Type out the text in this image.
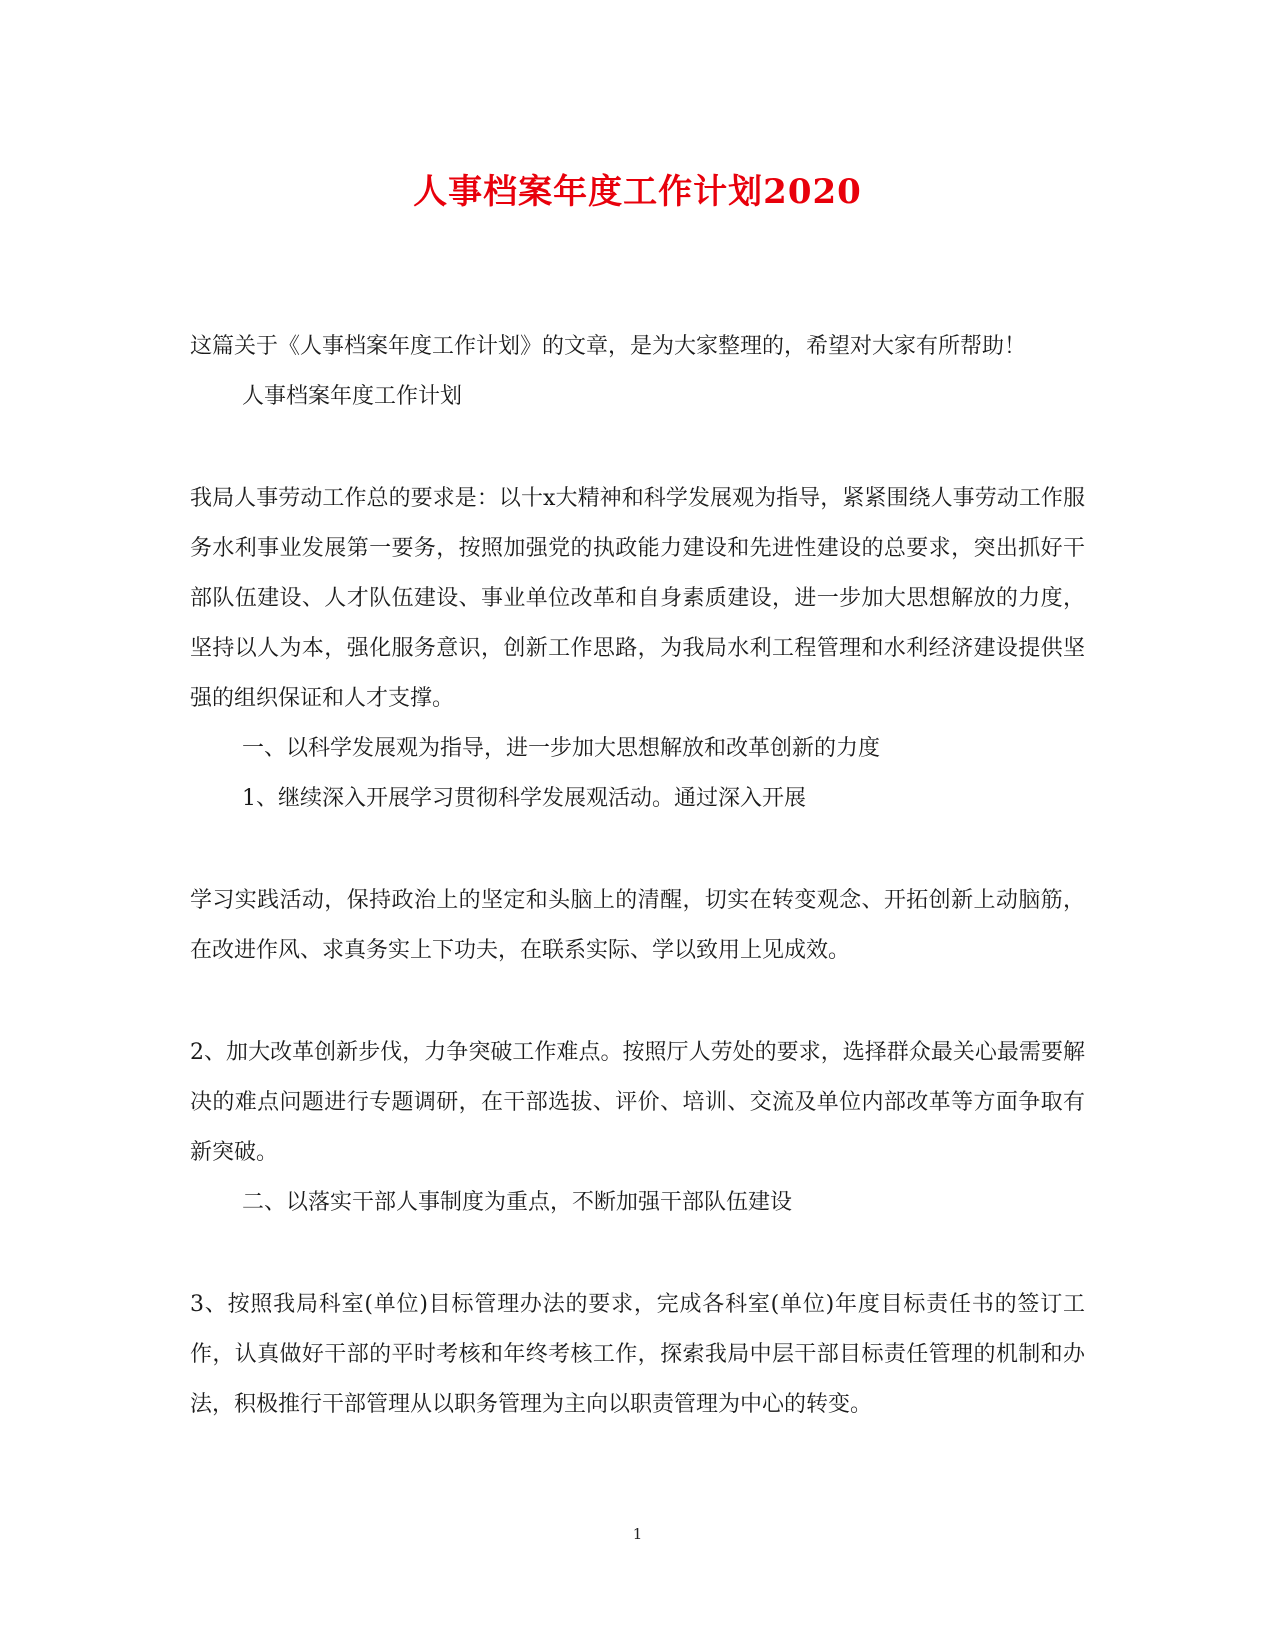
人事档案年度工作计划2020

这篇关于《人事档案年度工作计划》的文章，是为大家整理的，希望对大家有所帮助！

人事档案年度工作计划

我局人事劳动工作总的要求是：以十x大精神和科学发展观为指导，紧紧围绕人事劳动工作服务水利事业发展第一要务，按照加强党的执政能力建设和先进性建设的总要求，突出抓好干部队伍建设、人才队伍建设、事业单位改革和自身素质建设，进一步加大思想解放的力度，坚持以人为本，强化服务意识，创新工作思路，为我局水利工程管理和水利经济建设提供坚强的组织保证和人才支撑。

一、以科学发展观为指导，进一步加大思想解放和改革创新的力度

1、继续深入开展学习贯彻科学发展观活动。通过深入开展

学习实践活动，保持政治上的坚定和头脑上的清醒，切实在转变观念、开拓创新上动脑筋，在改进作风、求真务实上下功夫，在联系实际、学以致用上见成效。

2、加大改革创新步伐，力争突破工作难点。按照厅人劳处的要求，选择群众最关心最需要解决的难点问题进行专题调研，在干部选拔、评价、培训、交流及单位内部改革等方面争取有新突破。

二、以落实干部人事制度为重点，不断加强干部队伍建设

3、按照我局科室(单位)目标管理办法的要求，完成各科室(单位)年度目标责任书的签订工作，认真做好干部的平时考核和年终考核工作，探索我局中层干部目标责任管理的机制和办法，积极推行干部管理从以职务管理为主向以职责管理为中心的转变。

1
